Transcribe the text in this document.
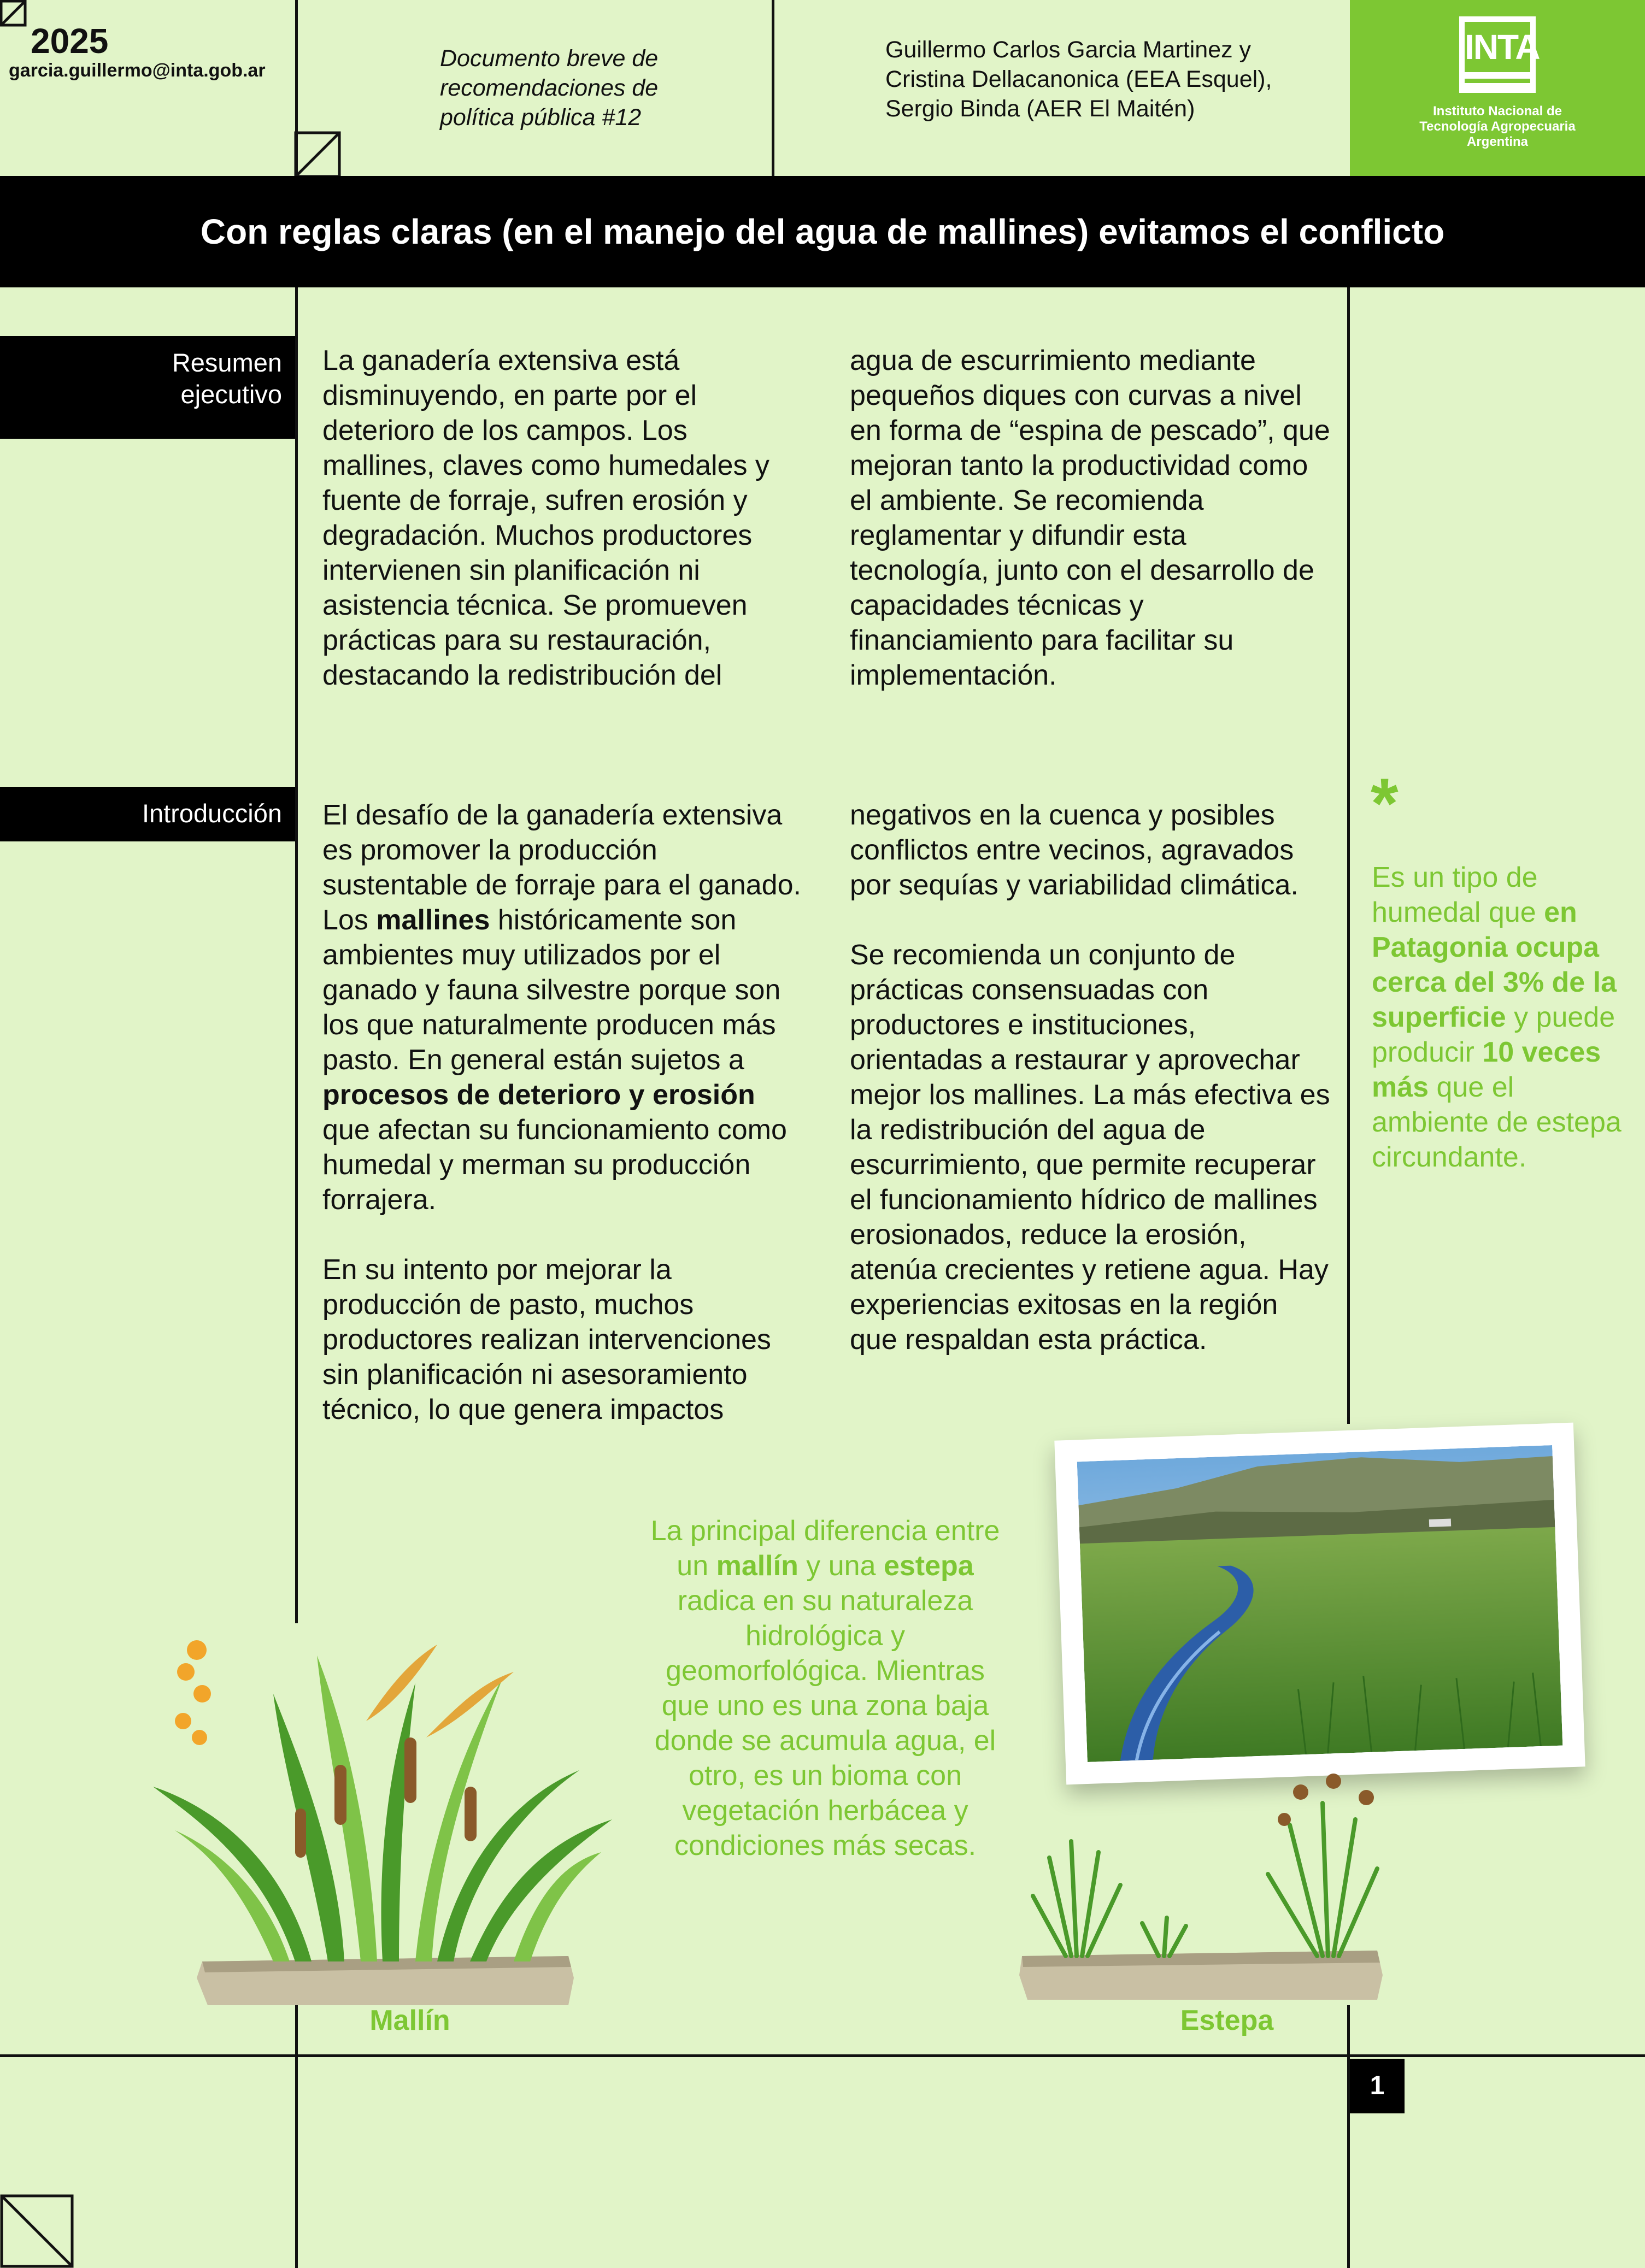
2025
garcia.guillermo@inta.gob.ar	Documento breve de recomendaciones de política pública #12
Guillermo Carlos Garcia Martinez y Cristina Dellacanonica (EEA Esquel), Sergio Binda (AER El Maitén)
INTA
Instituto Nacional de
Tecnología Agropecuaria
Argentina
Con reglas claras (en el manejo del agua de mallines) evitamos el conflicto
Resumen
ejecutivo
La ganadería extensiva está disminuyendo, en parte por el deterioro de los campos. Los mallines, claves como humedales y fuente de forraje, sufren erosión y degradación. Muchos productores intervienen sin planificación ni asistencia técnica. Se promueven prácticas para su restauración, destacando la redistribución del
agua de escurrimiento mediante pequeños diques con curvas a nivel en forma de “espina de pescado”, que mejoran tanto la productividad como el ambiente. Se recomienda reglamentar y difundir esta tecnología, junto con el desarrollo de capacidades técnicas y financiamiento para facilitar su implementación.
Introducción	El desafío de la ganadería extensiva es promover la producción sustentable de forraje para el ganado. Los mallines históricamente son ambientes muy utilizados por el ganado y fauna silvestre porque son los que naturalmente producen más pasto. En general están sujetos a procesos de deterioro y erosión que afectan su funcionamiento como humedal y merman su producción forrajera.

En su intento por mejorar la producción de pasto, muchos productores realizan intervenciones sin planificación ni asesoramiento técnico, lo que genera impactos

negativos en la cuenca y posibles conflictos entre vecinos, agravados por sequías y variabilidad climática.

Se recomienda un conjunto de prácticas consensuadas con productores e instituciones, orientadas a restaurar y aprovechar mejor los mallines. La más efectiva es la redistribución del agua de escurrimiento, que permite recuperar el funcionamiento hídrico de mallines erosionados, reduce la erosión, atenúa crecientes y retiene agua. Hay experiencias exitosas en la región que respaldan esta práctica.

*
Es un tipo de humedal que en Patagonia ocupa cerca del 3% de la superficie y puede producir 10 veces más que el ambiente de estepa circundante.
La principal diferencia entre un mallín y una estepa radica en su naturaleza hidrológica y geomorfológica. Mientras que uno es una zona baja donde se acumula agua, el otro, es un bioma con vegetación herbácea y condiciones más secas.
Mallín	Estepa
1
